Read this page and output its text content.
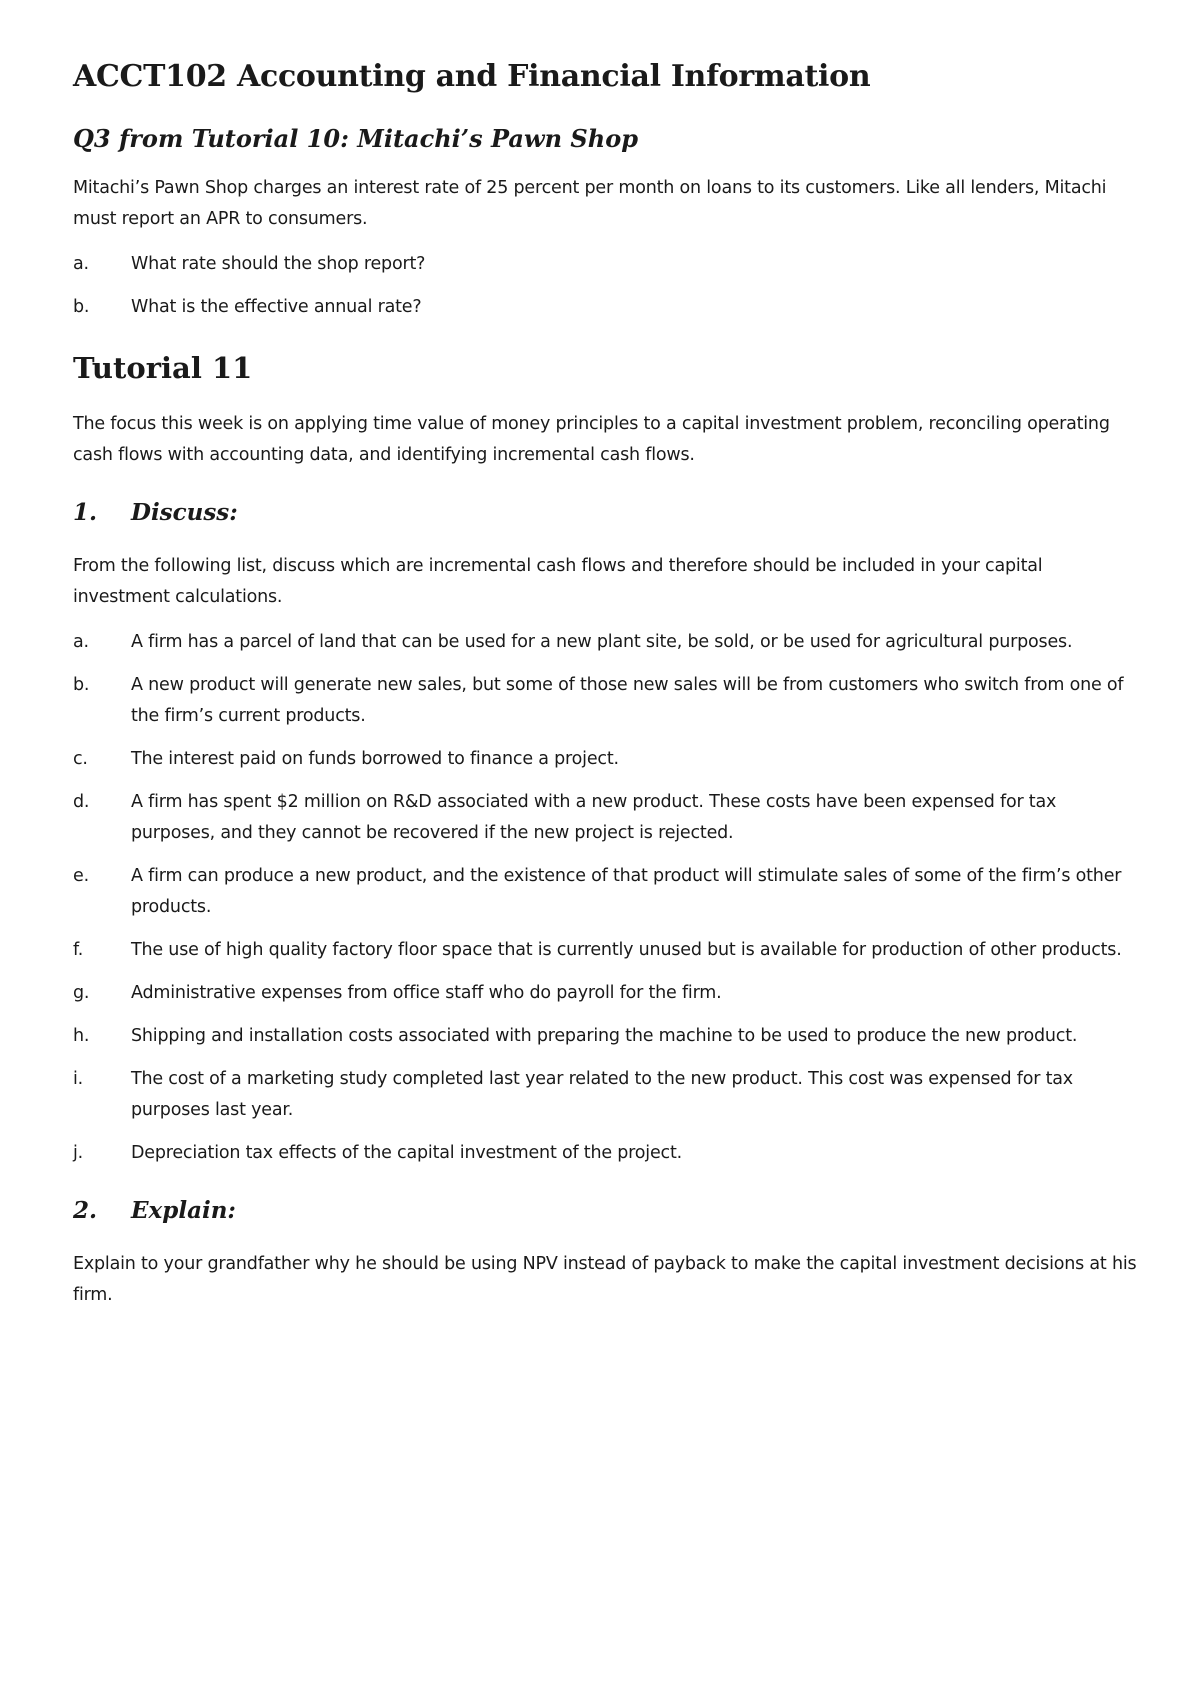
ACCT102 Accounting and Financial Information
Q3 from Tutorial 10: Mitachi’s Pawn Shop

Mitachi’s Pawn Shop charges an interest rate of 25 percent per month on loans to its customers. Like all lenders, Mitachi must report an APR to consumers.

a.	What rate should the shop report?
b.	What is the effective annual rate?
Tutorial 11

The focus this week is on applying time value of money principles to a capital investment problem, reconciling operating cash flows with accounting data, and identifying incremental cash flows.

1.	Discuss:

From the following list, discuss which are incremental cash flows and therefore should be included in your capital investment calculations.

a.	A firm has a parcel of land that can be used for a new plant site, be sold, or be used for agricultural purposes.
b.	A new product will generate new sales, but some of those new sales will be from customers who switch from one of the firm’s current products.
c.	The interest paid on funds borrowed to finance a project.
d.	A firm has spent $2 million on R&D associated with a new product. These costs have been expensed for tax purposes, and they cannot be recovered if the new project is rejected.
e.	A firm can produce a new product, and the existence of that product will stimulate sales of some of the firm’s other products.
f.	The use of high quality factory floor space that is currently unused but is available for production of other products.
g.	Administrative expenses from office staff who do payroll for the firm.
h.	Shipping and installation costs associated with preparing the machine to be used to produce the new product.
i.	The cost of a marketing study completed last year related to the new product. This cost was expensed for tax purposes last year.
j.	Depreciation tax effects of the capital investment of the project.
2.	Explain:

Explain to your grandfather why he should be using NPV instead of payback to make the capital investment decisions at his firm.
